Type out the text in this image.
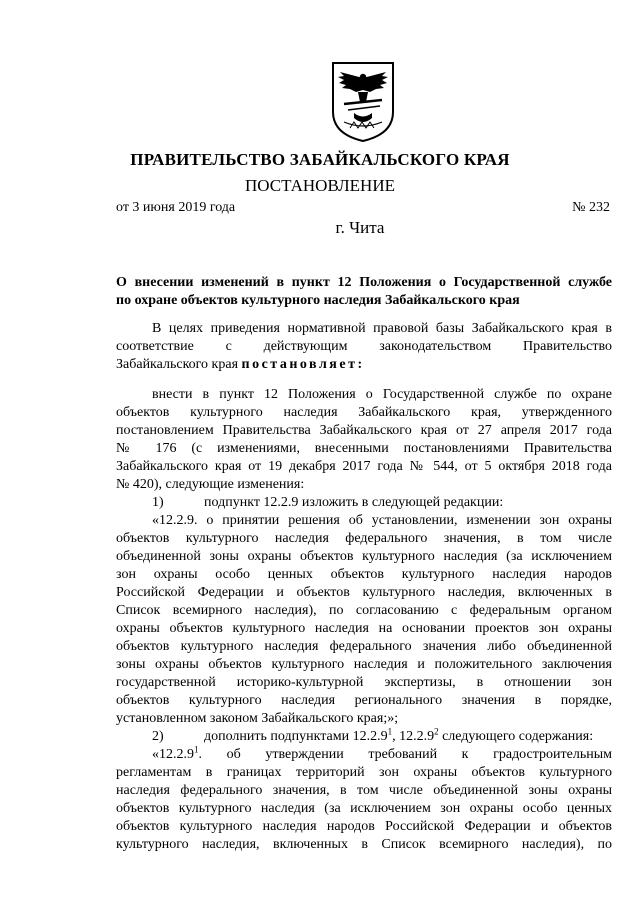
ПРАВИТЕЛЬСТВО ЗАБАЙКАЛЬСКОГО КРАЯ
ПОСТАНОВЛЕНИЕ
от 3 июня 2019 года	№ 232
г. Чита
О внесении изменений в пункт 12 Положения о Государственной службе
по охране объектов культурного наследия Забайкальского края
В целях приведения нормативной правовой базы Забайкальского края в
соответствие с действующим законодательством Правительство
Забайкальского края постановляет:
внести в пункт 12 Положения о Государственной службе по охране
объектов культурного наследия Забайкальского края, утвержденного
постановлением Правительства Забайкальского края от 27 апреля 2017 года
№ 176 (с изменениями, внесенными постановлениями Правительства
Забайкальского края от 19 декабря 2017 года № 544, от 5 октября 2018 года
№ 420), следующие изменения:
1)	подпункт 12.2.9 изложить в следующей редакции:
«12.2.9. о принятии решения об установлении, изменении зон охраны
объектов культурного наследия федерального значения, в том числе
объединенной зоны охраны объектов культурного наследия (за исключением
зон охраны особо ценных объектов культурного наследия народов
Российской Федерации и объектов культурного наследия, включенных в
Список всемирного наследия), по согласованию с федеральным органом
охраны объектов культурного наследия на основании проектов зон охраны
объектов культурного наследия федерального значения либо объединенной
зоны охраны объектов культурного наследия и положительного заключения
государственной историко-культурной экспертизы, в отношении зон
объектов культурного наследия регионального значения в порядке,
установленном законом Забайкальского края;»;
2)	дополнить подпунктами 12.2.9$^1$, 12.2.9$^2$ следующего содержания:
«12.2.9$^1$. об утверждении требований к градостроительным
регламентам в границах территорий зон охраны объектов культурного
наследия федерального значения, в том числе объединенной зоны охраны
объектов культурного наследия (за исключением зон охраны особо ценных
объектов культурного наследия народов Российской Федерации и объектов
культурного наследия, включенных в Список всемирного наследия), по
